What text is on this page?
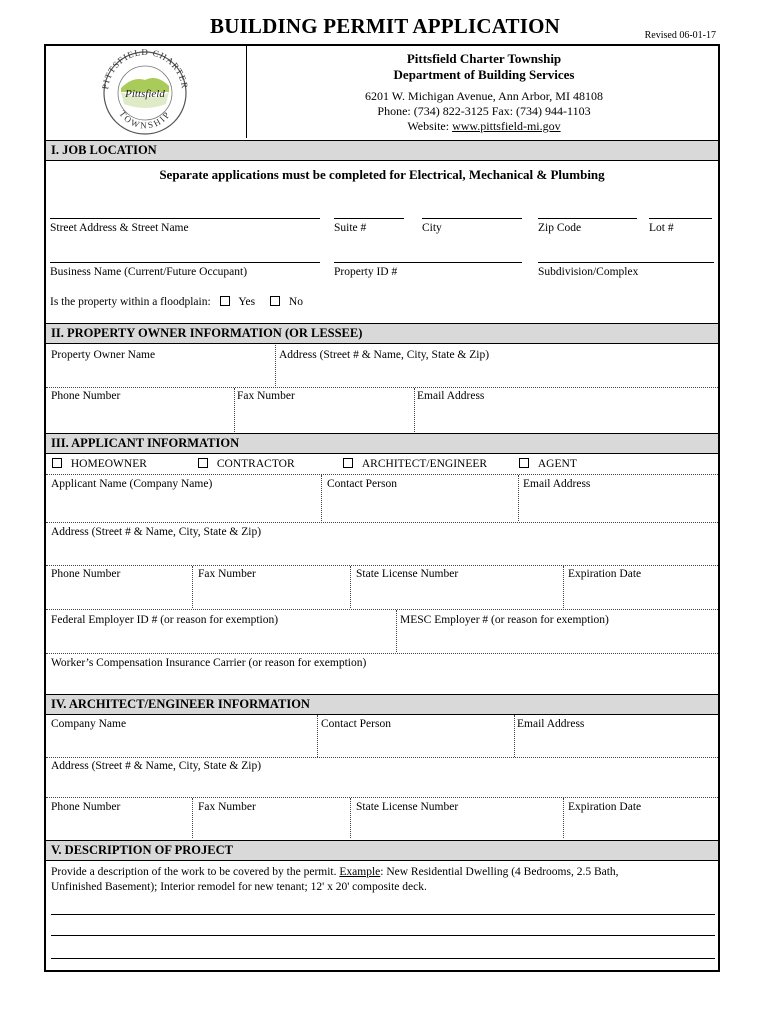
BUILDING PERMIT APPLICATION	Revised 06-01-17
PITTSFIELD CHARTER
TOWNSHIP
Pittsfield
Pittsfield Charter Township
Department of Building Services
6201 W. Michigan Avenue, Ann Arbor, MI 48108
Phone: (734) 822-3125 Fax: (734) 944-1103
Website: www.pittsfield-mi.gov
I. JOB LOCATION
Separate applications must be completed for Electrical, Mechanical & Plumbing
Street Address & Street Name	Suite #	City	Zip Code	Lot #
Business Name (Current/Future Occupant)	Property ID #	Subdivision/Complex
Is the property within a floodplain: Yes	No
II. PROPERTY OWNER INFORMATION (OR LESSEE)
Property Owner Name	Address (Street # & Name, City, State & Zip)
Phone Number	Fax Number	Email Address
III. APPLICANT INFORMATION
HOMEOWNER	CONTRACTOR	ARCHITECT/ENGINEER	AGENT
Applicant Name (Company Name)	Contact Person	Email Address
Address (Street # & Name, City, State & Zip)
Phone Number	Fax Number	State License Number	Expiration Date
Federal Employer ID # (or reason for exemption)	MESC Employer # (or reason for exemption)
Worker’s Compensation Insurance Carrier (or reason for exemption)
IV. ARCHITECT/ENGINEER INFORMATION
Company Name	Contact Person	Email Address
Address (Street # & Name, City, State & Zip)
Phone Number	Fax Number	State License Number	Expiration Date
V. DESCRIPTION OF PROJECT
Provide a description of the work to be covered by the permit. Example: New Residential Dwelling (4 Bedrooms, 2.5 Bath,
Unfinished Basement); Interior remodel for new tenant; 12' x 20' composite deck.
